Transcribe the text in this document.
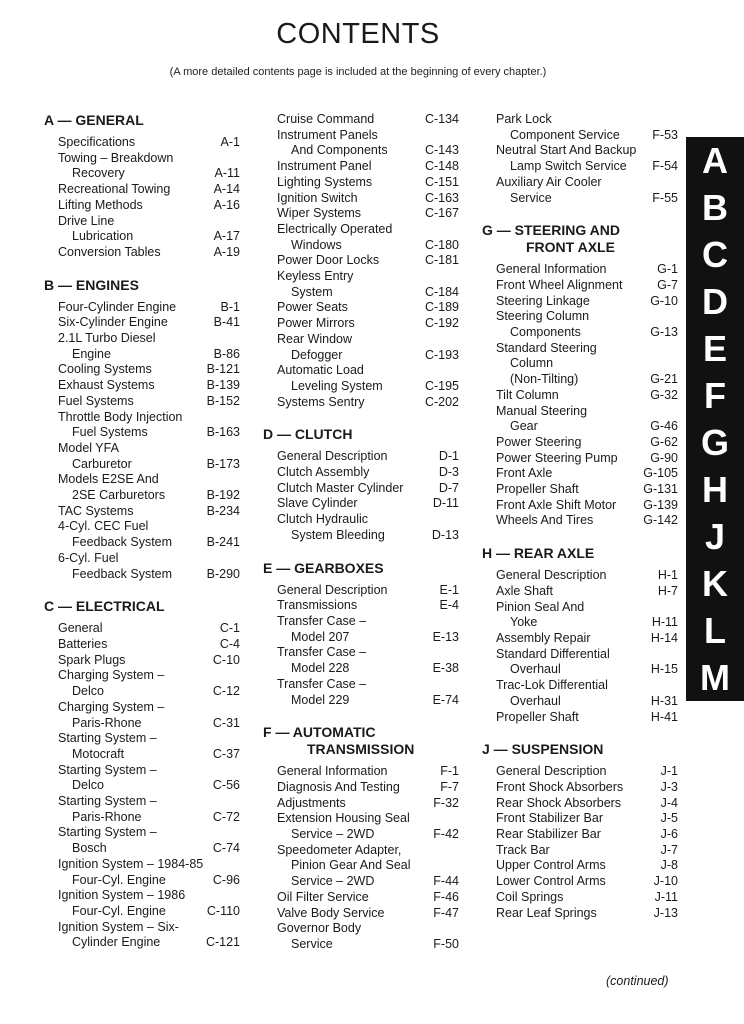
CONTENTS
(A more detailed contents page is included at the beginning of every chapter.)
A — GENERAL
Specifications	A-1
Towing – Breakdown
Recovery	A-11
Recreational Towing	A-14
Lifting Methods	A-16
Drive Line
Lubrication	A-17
Conversion Tables	A-19
B — ENGINES
Four-Cylinder Engine	B-1
Six-Cylinder Engine	B-41
2.1L Turbo Diesel
Engine	B-86
Cooling Systems	B-121
Exhaust Systems	B-139
Fuel Systems	B-152
Throttle Body Injection
Fuel Systems	B-163
Model YFA
Carburetor	B-173
Models E2SE And
2SE Carburetors	B-192
TAC Systems	B-234
4-Cyl. CEC Fuel
Feedback System	B-241
6-Cyl. Fuel
Feedback System	B-290
C — ELECTRICAL
General	C-1
Batteries	C-4
Spark Plugs	C-10
Charging System –
Delco	C-12
Charging System –
Paris-Rhone	C-31
Starting System –
Motocraft	C-37
Starting System –
Delco	C-56
Starting System –
Paris-Rhone	C-72
Starting System –
Bosch	C-74
Ignition System – 1984-85
Four-Cyl. Engine	C-96
Ignition System – 1986
Four-Cyl. Engine	C-110
Ignition System – Six-
Cylinder Engine	C-121
Cruise Command	C-134
Instrument Panels
And Components	C-143
Instrument Panel	C-148
Lighting Systems	C-151
Ignition Switch	C-163
Wiper Systems	C-167
Electrically Operated
Windows	C-180
Power Door Locks	C-181
Keyless Entry
System	C-184
Power Seats	C-189
Power Mirrors	C-192
Rear Window
Defogger	C-193
Automatic Load
Leveling System	C-195
Systems Sentry	C-202
D — CLUTCH
General Description	D-1
Clutch Assembly	D-3
Clutch Master Cylinder	D-7
Slave Cylinder	D-11
Clutch Hydraulic
System Bleeding	D-13
E — GEARBOXES
General Description	E-1
Transmissions	E-4
Transfer Case –
Model 207	E-13
Transfer Case –
Model 228	E-38
Transfer Case –
Model 229	E-74
F — AUTOMATIC
TRANSMISSION
General Information	F-1
Diagnosis And Testing	F-7
Adjustments	F-32
Extension Housing Seal
Service – 2WD	F-42
Speedometer Adapter,
Pinion Gear And Seal
Service – 2WD	F-44
Oil Filter Service	F-46
Valve Body Service	F-47
Governor Body
Service	F-50
Park Lock
Component Service	F-53
Neutral Start And Backup
Lamp Switch Service	F-54
Auxiliary Air Cooler
Service	F-55
G — STEERING AND
FRONT AXLE
General Information	G-1
Front Wheel Alignment	G-7
Steering Linkage	G-10
Steering Column
Components	G-13
Standard Steering
Column
(Non-Tilting)	G-21
Tilt Column	G-32
Manual Steering
Gear	G-46
Power Steering	G-62
Power Steering Pump	G-90
Front Axle	G-105
Propeller Shaft	G-131
Front Axle Shift Motor	G-139
Wheels And Tires	G-142
H — REAR AXLE
General Description	H-1
Axle Shaft	H-7
Pinion Seal And
Yoke	H-11
Assembly Repair	H-14
Standard Differential
Overhaul	H-15
Trac-Lok Differential
Overhaul	H-31
Propeller Shaft	H-41
J — SUSPENSION
General Description	J-1
Front Shock Absorbers	J-3
Rear Shock Absorbers	J-4
Front Stabilizer Bar	J-5
Rear Stabilizer Bar	J-6
Track Bar	J-7
Upper Control Arms	J-8
Lower Control Arms	J-10
Coil Springs	J-11
Rear Leaf Springs	J-13
A
B
C
D
E
F
G
H
J
K
L
M
(continued)
